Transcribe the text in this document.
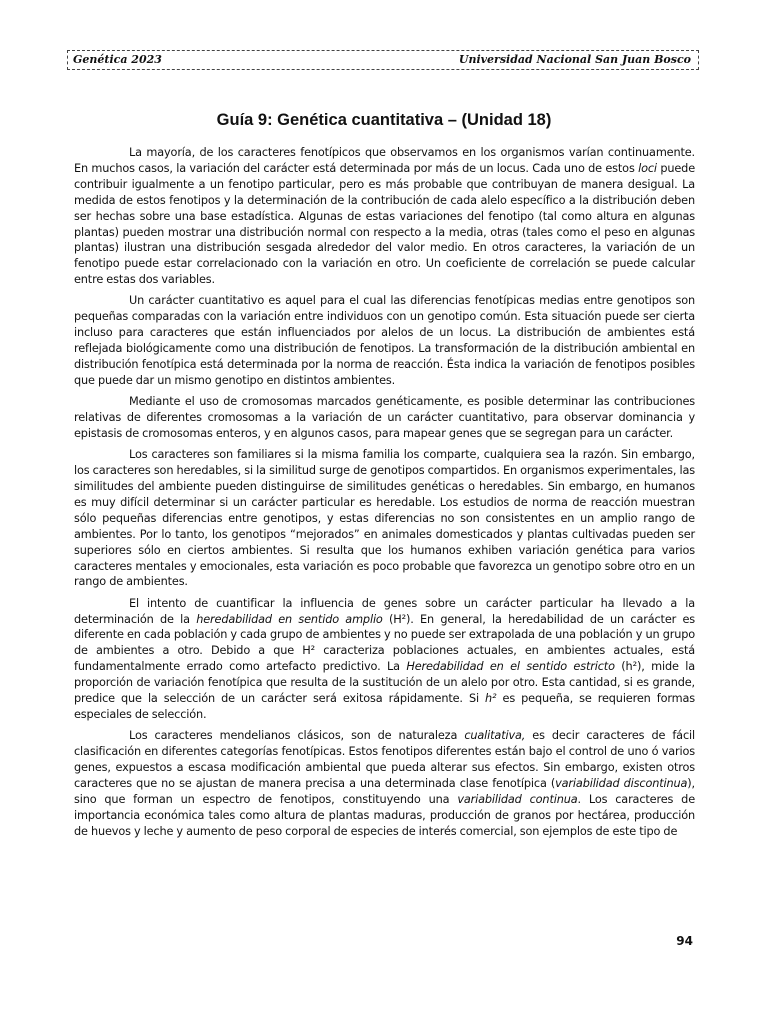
Genética 2023	Universidad Nacional San Juan Bosco
Guía 9: Genética cuantitativa – (Unidad 18)

La mayoría, de los caracteres fenotípicos que observamos en los organismos varían continuamente. En muchos casos, la variación del carácter está determinada por más de un locus. Cada uno de estos loci puede contribuir igualmente a un fenotipo particular, pero es más probable que contribuyan de manera desigual. La medida de estos fenotipos y la determinación de la contribución de cada alelo específico a la distribución deben ser hechas sobre una base estadística. Algunas de estas variaciones del fenotipo (tal como altura en algunas plantas) pueden mostrar una distribución normal con respecto a la media, otras (tales como el peso en algunas plantas) ilustran una distribución sesgada alrededor del valor medio. En otros caracteres, la variación de un fenotipo puede estar correlacionado con la variación en otro. Un coeficiente de correlación se puede calcular entre estas dos variables.

Un carácter cuantitativo es aquel para el cual las diferencias fenotípicas medias entre genotipos son pequeñas comparadas con la variación entre individuos con un genotipo común. Esta situación puede ser cierta incluso para caracteres que están influenciados por alelos de un locus. La distribución de ambientes está reflejada biológicamente como una distribución de fenotipos. La transformación de la distribución ambiental en distribución fenotípica está determinada por la norma de reacción. Ésta indica la variación de fenotipos posibles que puede dar un mismo genotipo en distintos ambientes.

Mediante el uso de cromosomas marcados genéticamente, es posible determinar las contribuciones relativas de diferentes cromosomas a la variación de un carácter cuantitativo, para observar dominancia y epistasis de cromosomas enteros, y en algunos casos, para mapear genes que se segregan para un carácter.

Los caracteres son familiares si la misma familia los comparte, cualquiera sea la razón. Sin embargo, los caracteres son heredables, si la similitud surge de genotipos compartidos. En organismos experimentales, las similitudes del ambiente pueden distinguirse de similitudes genéticas o heredables. Sin embargo, en humanos es muy difícil determinar si un carácter particular es heredable. Los estudios de norma de reacción muestran sólo pequeñas diferencias entre genotipos, y estas diferencias no son consistentes en un amplio rango de ambientes. Por lo tanto, los genotipos “mejorados” en animales domesticados y plantas cultivadas pueden ser superiores sólo en ciertos ambientes. Si resulta que los humanos exhiben variación genética para varios caracteres mentales y emocionales, esta variación es poco probable que favorezca un genotipo sobre otro en un rango de ambientes.

El intento de cuantificar la influencia de genes sobre un carácter particular ha llevado a la determinación de la heredabilidad en sentido amplio (H²). En general, la heredabilidad de un carácter es diferente en cada población y cada grupo de ambientes y no puede ser extrapolada de una población y un grupo de ambientes a otro. Debido a que H² caracteriza poblaciones actuales, en ambientes actuales, está fundamentalmente errado como artefacto predictivo. La Heredabilidad en el sentido estricto (h²), mide la proporción de variación fenotípica que resulta de la sustitución de un alelo por otro. Esta cantidad, si es grande, predice que la selección de un carácter será exitosa rápidamente. Si h² es pequeña, se requieren formas especiales de selección.

Los caracteres mendelianos clásicos, son de naturaleza cualitativa, es decir caracteres de fácil clasificación en diferentes categorías fenotípicas. Estos fenotipos diferentes están bajo el control de uno ó varios genes, expuestos a escasa modificación ambiental que pueda alterar sus efectos. Sin embargo, existen otros caracteres que no se ajustan de manera precisa a una determinada clase fenotípica (variabilidad discontinua), sino que forman un espectro de fenotipos, constituyendo una variabilidad continua. Los caracteres de importancia económica tales como altura de plantas maduras, producción de granos por hectárea, producción de huevos y leche y aumento de peso corporal de especies de interés comercial, son ejemplos de este tipo de

94
